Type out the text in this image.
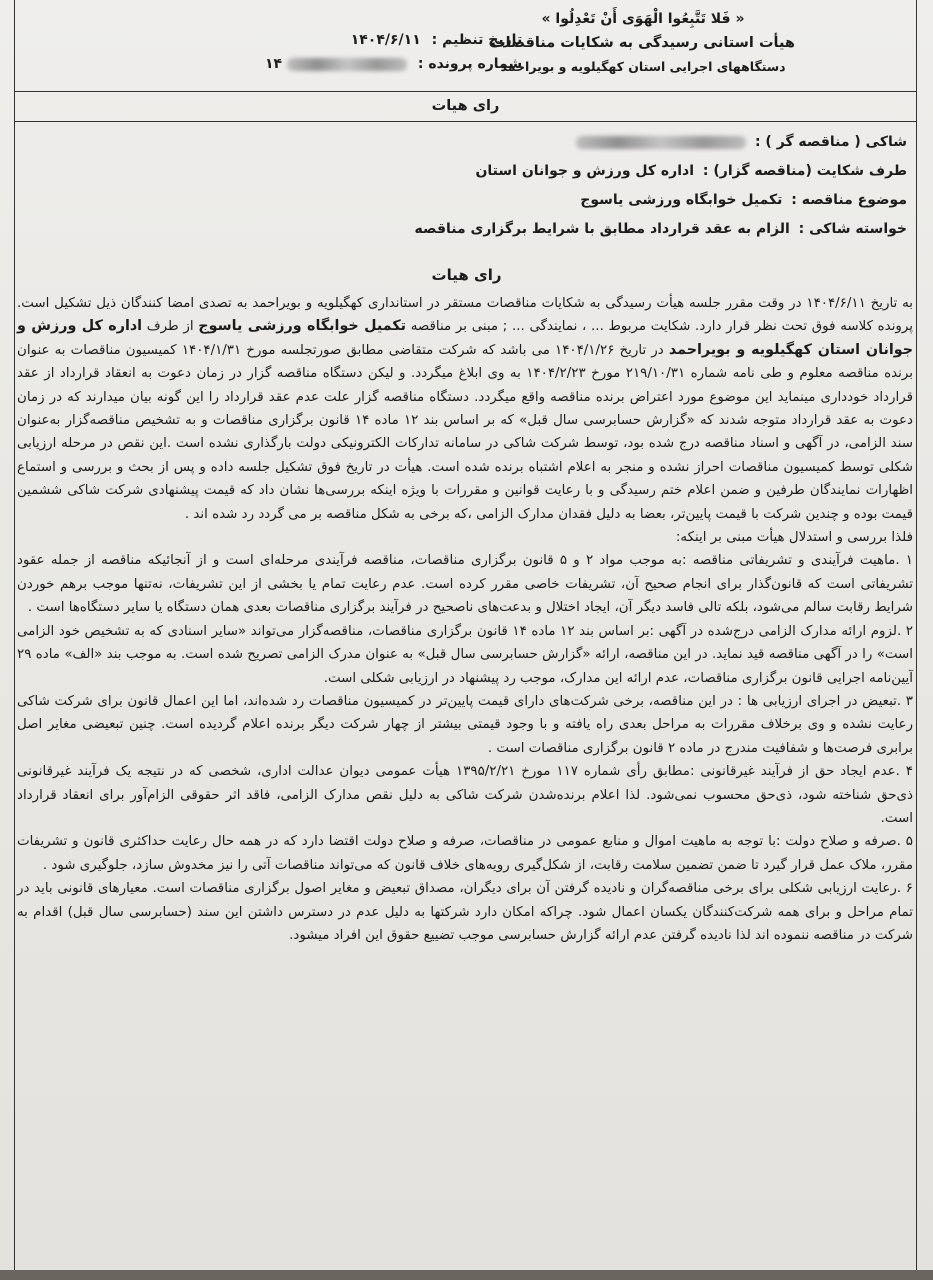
« فَلا تَتَّبِعُوا الْهَوَى أَنْ تَعْدِلُوا »
هیأت استانی رسیدگی به شکایات مناقصات
دستگاههای اجرایی استان کهگیلویه و بویراحمد
تاریخ تنظیم : ۱۴۰۴/۶/۱۱
شماره پرونده :  ۱۴
رای هیات
شاکی ( مناقصه گر ) :
طرف شکایت (مناقصه گزار) : اداره کل ورزش و جوانان استان
موضوع مناقصه : تکمیل خوابگاه ورزشی یاسوج
خواسته شاکی : الزام به عقد قرارداد مطابق با شرایط برگزاری مناقصه
رای هیات

به تاریخ ۱۴۰۴/۶/۱۱ در وقت مقرر جلسه هیأت رسیدگی به شکایات مناقصات مستقر در استانداری کهگیلویه و بویراحمد به تصدی امضا کنندگان ذیل تشکیل است. پرونده کلاسه فوق تحت نظر قرار دارد. شکایت مربوط ... ، نمایندگی ... ; مبنی بر مناقصه تکمیل خوابگاه ورزشی یاسوج از طرف اداره کل ورزش و جوانان استان کهگیلویه و بویراحمد در تاریخ ۱۴۰۴/۱/۲۶ می باشد که شرکت متقاضی مطابق صورتجلسه مورخ ۱۴۰۴/۱/۳۱ کمیسیون مناقصات به عنوان برنده مناقصه معلوم و طی نامه شماره ۲۱۹/۱۰/۳۱ مورخ ۱۴۰۴/۲/۲۳ به وی ابلاغ میگردد. و لیکن دستگاه مناقصه گزار در زمان دعوت به انعقاد قرارداد از عقد قرارداد خودداری مینماید این موضوع مورد اعتراض برنده مناقصه واقع میگردد. دستگاه مناقصه گزار علت عدم عقد قرارداد را این گونه بیان میدارند که در زمان دعوت به عقد قرارداد متوجه شدند که «گزارش حسابرسی سال قبل» که بر اساس بند ۱۲ ماده ۱۴ قانون برگزاری مناقصات و به تشخیص مناقصه‌گزار به‌عنوان سند الزامی، در آگهی و اسناد مناقصه درج شده بود، توسط شرکت شاکی در سامانه تدارکات الکترونیکی دولت بارگذاری نشده است .این نقص در مرحله ارزیابی شکلی توسط کمیسیون مناقصات احراز نشده و منجر به اعلام اشتباه برنده شده است. هیأت در تاریخ فوق تشکیل جلسه داده و پس از بحث و بررسی و استماع اظهارات نمایندگان طرفین و ضمن اعلام ختم رسیدگی و با رعایت قوانین و مقررات با ویژه اینکه بررسی‌ها نشان داد که قیمت پیشنهادی شرکت شاکی ششمین قیمت بوده و چندین شرکت با قیمت پایین‌تر، بعضا به دلیل فقدان مدارک الزامی ،که برخی به شکل مناقصه بر می گردد رد شده اند .

فلذا بررسی و استدلال هیأت مبنی بر اینکه:

۱ .ماهیت فرآیندی و تشریفاتی مناقصه :به موجب مواد ۲ و ۵ قانون برگزاری مناقصات، مناقصه فرآیندی مرحله‌ای است و از آنجائیکه مناقصه از جمله عقود تشریفاتی است که قانون‌گذار برای انجام صحیح آن، تشریفات خاصی مقرر کرده است. عدم رعایت تمام یا بخشی از این تشریفات، نه‌تنها موجب برهم خوردن شرایط رقابت سالم می‌شود، بلکه تالی فاسد دیگر آن، ایجاد اختلال و بدعت‌های ناصحیح در فرآیند برگزاری مناقصات بعدی همان دستگاه یا سایر دستگاه‌ها است .

۲ .لزوم ارائه مدارک الزامی درج‌شده در آگهی :بر اساس بند ۱۲ ماده ۱۴ قانون برگزاری مناقصات، مناقصه‌گزار می‌تواند «سایر اسنادی که به تشخیص خود الزامی است» را در آگهی مناقصه قید نماید. در این مناقصه، ارائه «گزارش حسابرسی سال قبل» به عنوان مدرک الزامی تصریح شده است. به موجب بند «الف» ماده ۲۹ آیین‌نامه اجرایی قانون برگزاری مناقصات، عدم ارائه این مدارک، موجب رد پیشنهاد در ارزیابی شکلی است.

۳ .تبعیض در اجرای ارزیابی ها : در این مناقصه، برخی شرکت‌های دارای قیمت پایین‌تر در کمیسیون مناقصات رد شده‌اند، اما این اعمال قانون برای شرکت شاکی رعایت نشده و وی برخلاف مقررات به مراحل بعدی راه یافته و با وجود قیمتی بیشتر از چهار شرکت دیگر برنده اعلام گردیده است. چنین تبعیضی مغایر اصل برابری فرصت‌ها و شفافیت مندرج در ماده ۲ قانون برگزاری مناقصات است .

۴ .عدم ایجاد حق از فرآیند غیرقانونی :مطابق رأی شماره ۱۱۷ مورخ ۱۳۹۵/۲/۲۱ هیأت عمومی دیوان عدالت اداری، شخصی که در نتیجه یک فرآیند غیرقانونی ذی‌حق شناخته شود، ذی‌حق محسوب نمی‌شود. لذا اعلام برنده‌شدن شرکت شاکی به دلیل نقص مدارک الزامی، فاقد اثر حقوقی الزام‌آور برای انعقاد قرارداد است.

۵ .صرفه و صلاح دولت :با توجه به ماهیت اموال و منابع عمومی در مناقصات، صرفه و صلاح دولت اقتضا دارد که در همه حال رعایت حداکثری قانون و تشریفات مقرر، ملاک عمل قرار گیرد تا ضمن تضمین سلامت رقابت، از شکل‌گیری رویه‌های خلاف قانون که می‌تواند مناقصات آتی را نیز مخدوش سازد، جلوگیری شود .

۶ .رعایت ارزیابی شکلی برای برخی مناقصه‌گران و نادیده گرفتن آن برای دیگران، مصداق تبعیض و مغایر اصول برگزاری مناقصات است. معیارهای قانونی باید در تمام مراحل و برای همه شرکت‌کنندگان یکسان اعمال شود. چراکه امکان دارد شرکتها به دلیل عدم در دسترس داشتن این سند (حسابرسی سال قبل) اقدام به شرکت در مناقصه ننموده اند لذا نادیده گرفتن عدم ارائه گزارش حسابرسی موجب تضییع حقوق این افراد میشود.
